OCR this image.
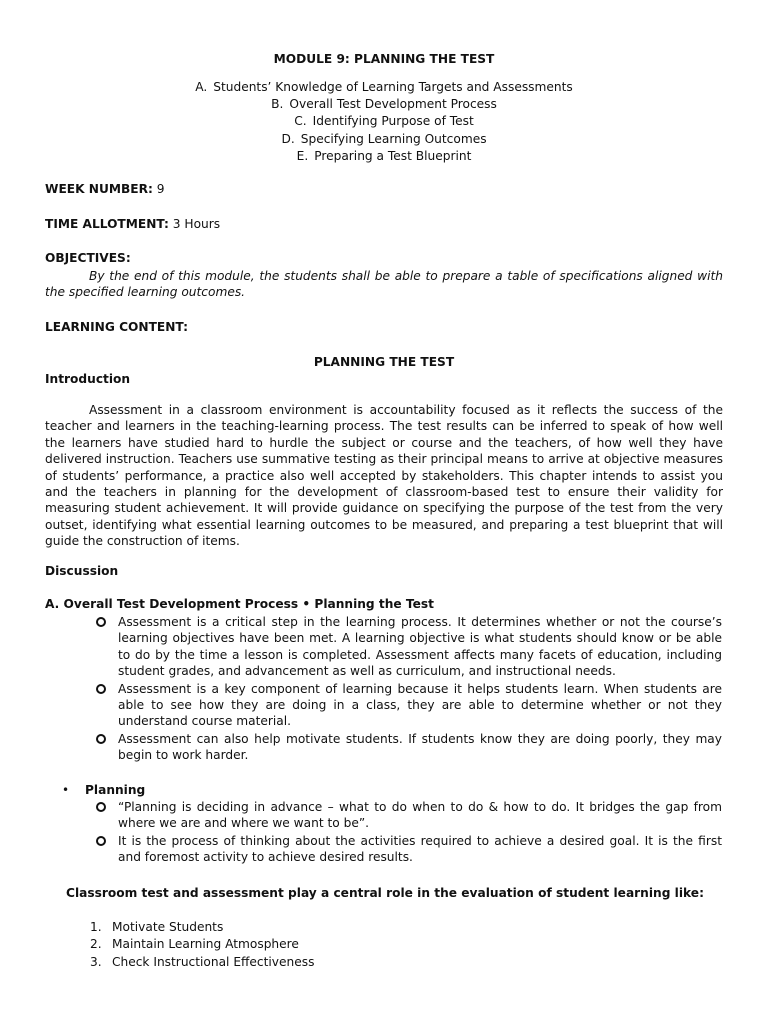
MODULE 9: PLANNING THE TEST
A. Students’ Knowledge of Learning Targets and Assessments
B. Overall Test Development Process
C. Identifying Purpose of Test
D. Specifying Learning Outcomes
E. Preparing a Test Blueprint
WEEK NUMBER: 9
TIME ALLOTMENT: 3 Hours
OBJECTIVES:
By the end of this module, the students shall be able to prepare a table of specifications aligned with the specified learning outcomes.
LEARNING CONTENT:
PLANNING THE TEST
Introduction
Assessment in a classroom environment is accountability focused as it reflects the success of the teacher and learners in the teaching-learning process. The test results can be inferred to speak of how well the learners have studied hard to hurdle the subject or course and the teachers, of how well they have delivered instruction. Teachers use summative testing as their principal means to arrive at objective measures of students’ performance, a practice also well accepted by stakeholders. This chapter intends to assist you and the teachers in planning for the development of classroom-based test to ensure their validity for measuring student achievement. It will provide guidance on specifying the purpose of the test from the very outset, identifying what essential learning outcomes to be measured, and preparing a test blueprint that will guide the construction of items.
Discussion
A. Overall Test Development Process • Planning the Test
Assessment is a critical step in the learning process. It determines whether or not the course’s learning objectives have been met. A learning objective is what students should know or be able to do by the time a lesson is completed. Assessment affects many facets of education, including student grades, and advancement as well as curriculum, and instructional needs.
Assessment is a key component of learning because it helps students learn. When students are able to see how they are doing in a class, they are able to determine whether or not they understand course material.
Assessment can also help motivate students. If students know they are doing poorly, they may begin to work harder.
• Planning
“Planning is deciding in advance – what to do when to do & how to do. It bridges the gap from where we are and where we want to be”.
It is the process of thinking about the activities required to achieve a desired goal. It is the first and foremost activity to achieve desired results.
Classroom test and assessment play a central role in the evaluation of student learning like:
1. Motivate Students
2. Maintain Learning Atmosphere
3. Check Instructional Effectiveness
